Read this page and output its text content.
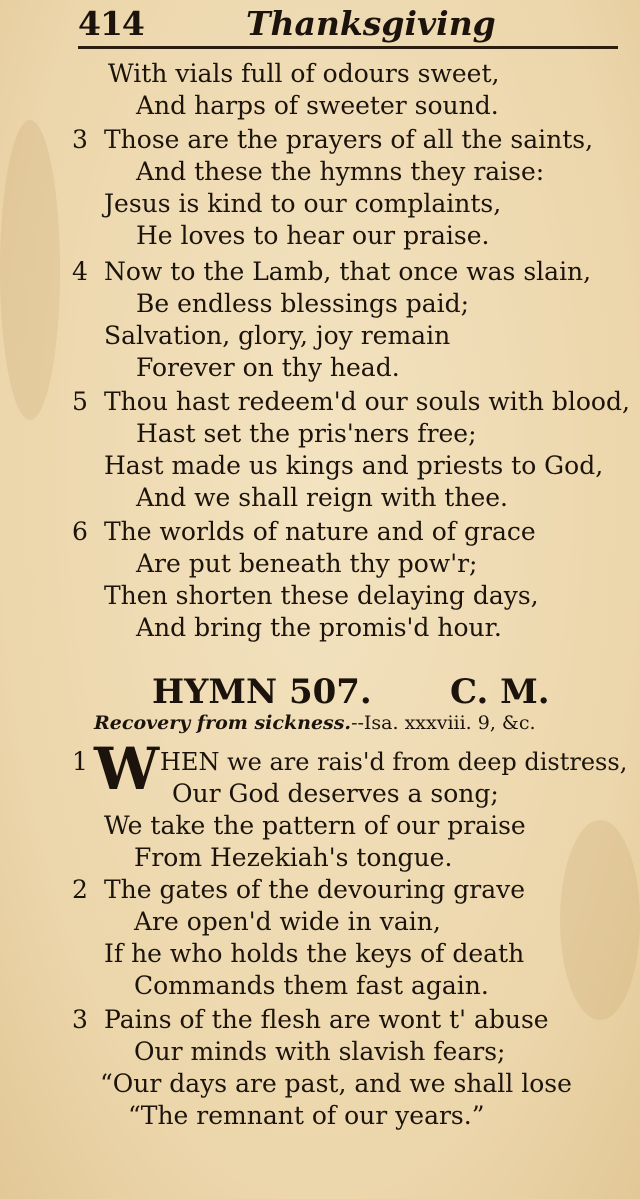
414	Thanksgiving
With vials full of odours sweet,
And harps of sweeter sound.
3 Those are the prayers of all the saints,
And these the hymns they raise:
Jesus is kind to our complaints,
He loves to hear our praise.
4 Now to the Lamb, that once was slain,
Be endless blessings paid;
Salvation, glory, joy remain
Forever on thy head.
5 Thou hast redeem'd our souls with blood,
Hast set the pris'ners free;
Hast made us kings and priests to God,
And we shall reign with thee.
6 The worlds of nature and of grace
Are put beneath thy pow'r;
Then shorten these delaying days,
And bring the promis'd hour.
HYMN 507. C. M.
Recovery from sickness.--Isa. xxxviii. 9, &c.
1 W HEN we are rais'd from deep distress,
Our God deserves a song;
We take the pattern of our praise
From Hezekiah's tongue.
2 The gates of the devouring grave
Are open'd wide in vain,
If he who holds the keys of death
Commands them fast again.
3 Pains of the flesh are wont t' abuse
Our minds with slavish fears;
“Our days are past, and we shall lose
“The remnant of our years.”
